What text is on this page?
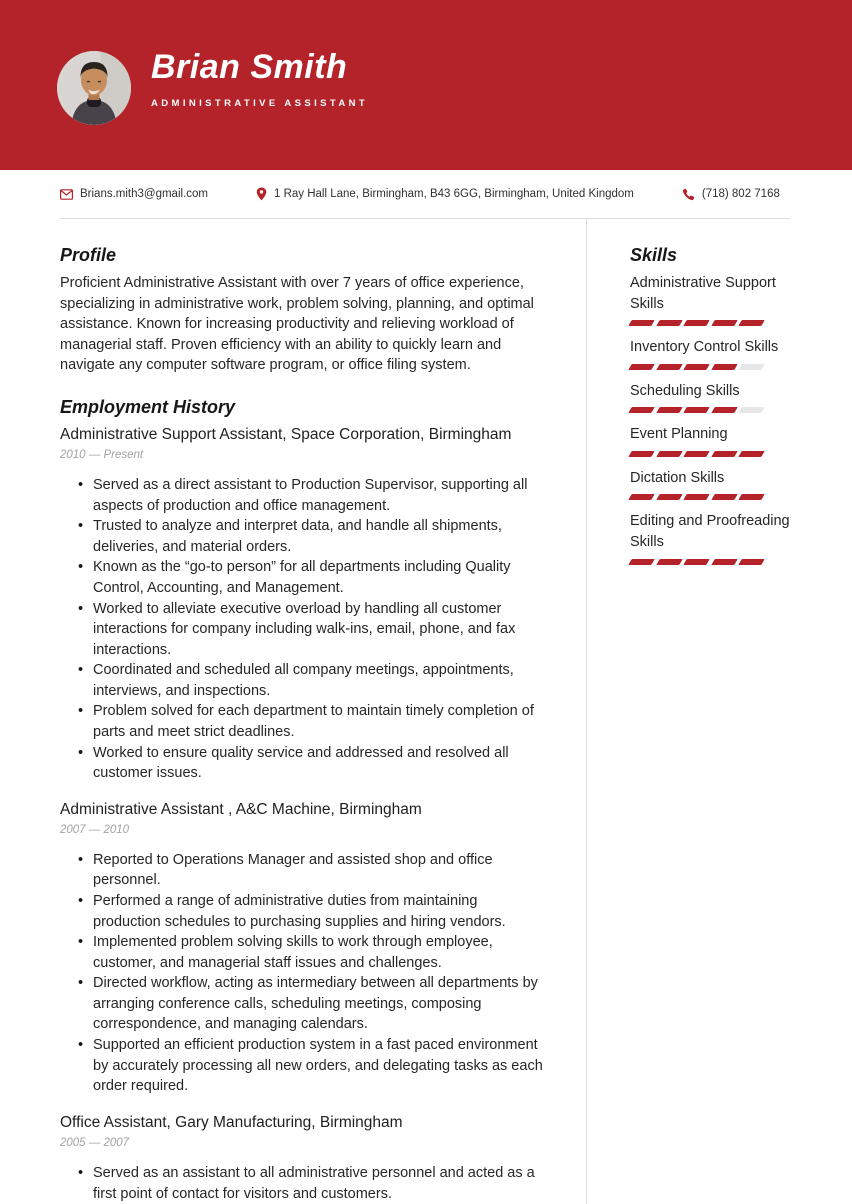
Brian Smith
ADMINISTRATIVE ASSISTANT
Brians.mith3@gmail.com	1 Ray Hall Lane, Birmingham, B43 6GG, Birmingham, United Kingdom	(718) 802 7168
Profile

Proficient Administrative Assistant with over 7 years of office experience, specializing in administrative work, problem solving, planning, and optimal assistance. Known for increasing productivity and relieving workload of managerial staff. Proven efficiency with an ability to quickly learn and navigate any computer software program, or office filing system.

Employment History
Administrative Support Assistant, Space Corporation, Birmingham
2010 — Present
• Served as a direct assistant to Production Supervisor, supporting all aspects of production and office management.
• Trusted to analyze and interpret data, and handle all shipments, deliveries, and material orders.
• Known as the “go-to person” for all departments including Quality Control, Accounting, and Management.
• Worked to alleviate executive overload by handling all customer interactions for company including walk-ins, email, phone, and fax interactions.
• Coordinated and scheduled all company meetings, appointments, interviews, and inspections.
• Problem solved for each department to maintain timely completion of parts and meet strict deadlines.
• Worked to ensure quality service and addressed and resolved all customer issues.
Administrative Assistant , A&C Machine, Birmingham
2007 — 2010
• Reported to Operations Manager and assisted shop and office personnel.
• Performed a range of administrative duties from maintaining production schedules to purchasing supplies and hiring vendors.
• Implemented problem solving skills to work through employee, customer, and managerial staff issues and challenges.
• Directed workflow, acting as intermediary between all departments by arranging conference calls, scheduling meetings, composing correspondence, and managing calendars.
• Supported an efficient production system in a fast paced environment by accurately processing all new orders, and delegating tasks as each order required.
Office Assistant, Gary Manufacturing, Birmingham
2005 — 2007
• Served as an assistant to all administrative personnel and acted as a first point of contact for visitors and customers.
Skills
Administrative Support Skills
Inventory Control Skills
Scheduling Skills
Event Planning
Dictation Skills
Editing and Proofreading Skills
